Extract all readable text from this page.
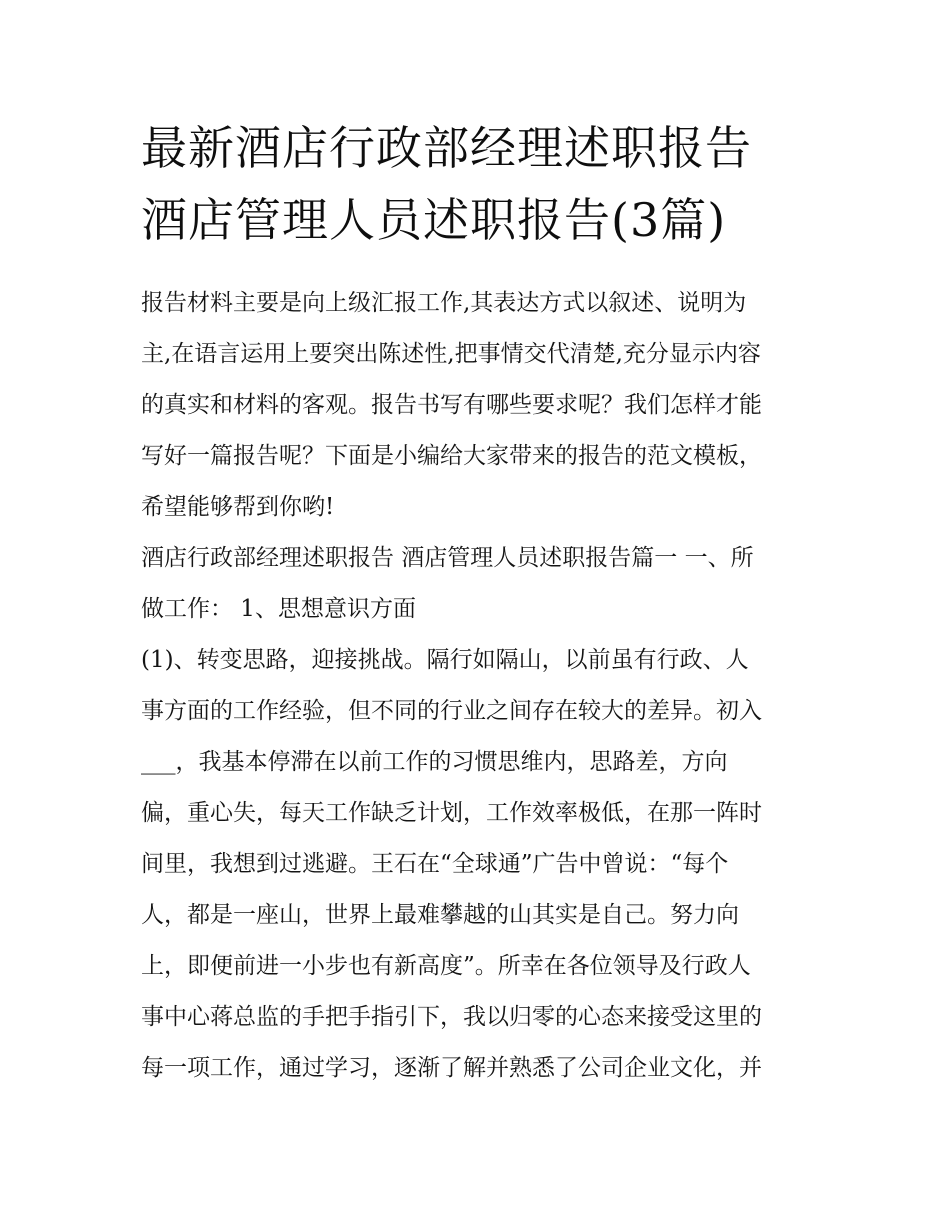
最新酒店行政部经理述职报告
酒店管理人员述职报告(3篇)
报告材料主要是向上级汇报工作,其表达方式以叙述、说明为
主,在语言运用上要突出陈述性,把事情交代清楚,充分显示内容
的真实和材料的客观。报告书写有哪些要求呢？我们怎样才能
写好一篇报告呢？下面是小编给大家带来的报告的范文模板，
希望能够帮到你哟!
酒店行政部经理述职报告 酒店管理人员述职报告篇一 一、所
做工作： 1、思想意识方面
(1)、转变思路，迎接挑战。隔行如隔山，以前虽有行政、人
事方面的工作经验，但不同的行业之间存在较大的差异。初入
___，我基本停滞在以前工作的习惯思维内，思路差，方向
偏，重心失，每天工作缺乏计划，工作效率极低，在那一阵时
间里，我想到过逃避。王石在“全球通”广告中曾说：“每个
人，都是一座山，世界上最难攀越的山其实是自己。努力向
上，即便前进一小步也有新高度”。所幸在各位领导及行政人
事中心蒋总监的手把手指引下，我以归零的心态来接受这里的
每一项工作，通过学习，逐渐了解并熟悉了公司企业文化，并
